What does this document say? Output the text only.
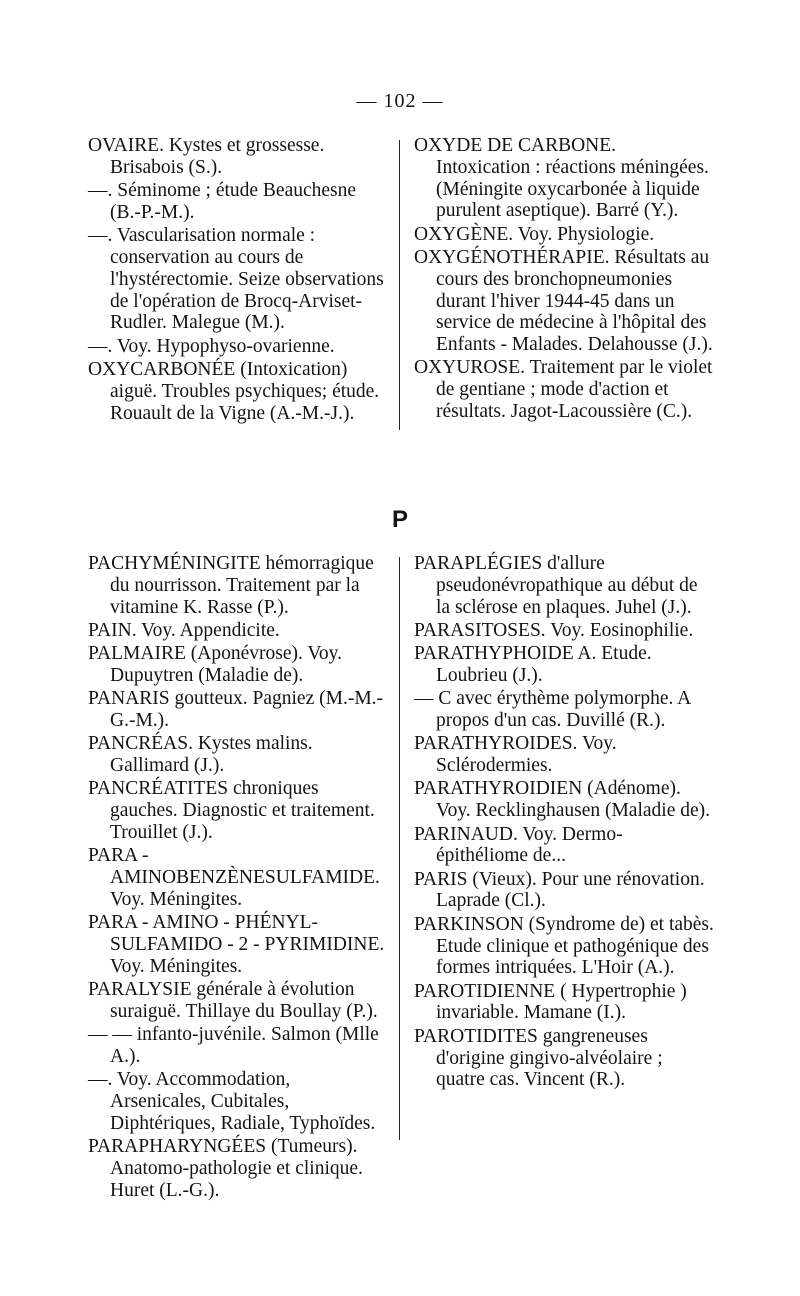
— 102 —

OVAIRE. Kystes et grossesse. Brisabois (S.).

—. Séminome ; étude Beauchesne (B.-P.-M.).

—. Vascularisation normale : conservation au cours de l'hystérectomie. Seize observations de l'opération de Brocq-Arviset-Rudler. Malegue (M.).

—. Voy. Hypophyso-ovarienne.

OXYCARBONÉE (Intoxication) aiguë. Troubles psychiques; étude. Rouault de la Vigne (A.-M.-J.).

OXYDE DE CARBONE. Intoxication : réactions méningées. (Méningite oxycarbonée à liquide purulent aseptique). Barré (Y.).

OXYGÈNE. Voy. Physiologie.

OXYGÉNOTHÉRAPIE. Résultats au cours des bronchopneumonies durant l'hiver 1944-45 dans un service de médecine à l'hôpital des Enfants - Malades. Delahousse (J.).

OXYUROSE. Traitement par le violet de gentiane ; mode d'action et résultats. Jagot-Lacoussière (C.).

P

PACHYMÉNINGITE hémorragique du nourrisson. Traitement par la vitamine K. Rasse (P.).

PAIN. Voy. Appendicite.

PALMAIRE (Aponévrose). Voy. Dupuytren (Maladie de).

PANARIS goutteux. Pagniez (M.-M.-G.-M.).

PANCRÉAS. Kystes malins. Gallimard (J.).

PANCRÉATITES chroniques gauches. Diagnostic et traitement. Trouillet (J.).

PARA - AMINOBENZÈNESULFAMIDE. Voy. Méningites.

PARA - AMINO - PHÉNYL-SULFAMIDO - 2 - PYRIMIDINE. Voy. Méningites.

PARALYSIE générale à évolution suraiguë. Thillaye du Boullay (P.).

— — infanto-juvénile. Salmon (Mlle A.).

—. Voy. Accommodation, Arsenicales, Cubitales, Diphtériques, Radiale, Typhoïdes.

PARAPHARYNGÉES (Tumeurs). Anatomo-pathologie et clinique. Huret (L.-G.).

PARAPLÉGIES d'allure pseudonévropathique au début de la sclérose en plaques. Juhel (J.).

PARASITOSES. Voy. Eosinophilie.

PARATHYPHOIDE A. Etude. Loubrieu (J.).

— C avec érythème polymorphe. A propos d'un cas. Duvillé (R.).

PARATHYROIDES. Voy. Sclérodermies.

PARATHYROIDIEN (Adénome). Voy. Recklinghausen (Maladie de).

PARINAUD. Voy. Dermo-épithéliome de...

PARIS (Vieux). Pour une rénovation. Laprade (Cl.).

PARKINSON (Syndrome de) et tabès. Etude clinique et pathogénique des formes intriquées. L'Hoir (A.).

PAROTIDIENNE ( Hypertrophie ) invariable. Mamane (I.).

PAROTIDITES gangreneuses d'origine gingivo-alvéolaire ; quatre cas. Vincent (R.).
